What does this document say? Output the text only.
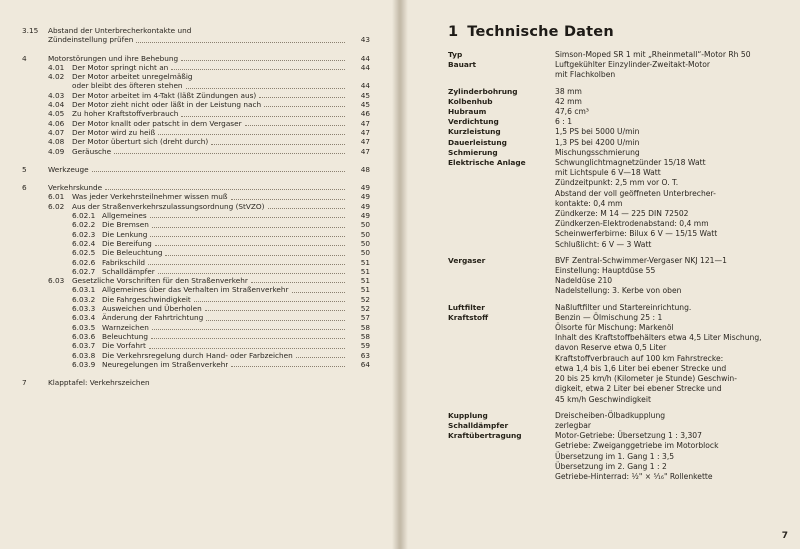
3.15	Abstand der Unterbrecherkontakte und
Zündeinstellung prüfen	43
4	Motorstörungen und ihre Behebung	44
4.01	Der Motor springt nicht an	44
4.02	Der Motor arbeitet unregelmäßig
oder bleibt des öfteren stehen	44
4.03	Der Motor arbeitet im 4-Takt (läßt Zündungen aus)	45
4.04	Der Motor zieht nicht oder läßt in der Leistung nach	45
4.05	Zu hoher Kraftstoffverbrauch	46
4.06	Der Motor knallt oder patscht in dem Vergaser	47
4.07	Der Motor wird zu heiß	47
4.08	Der Motor überturt sich (dreht durch)	47
4.09	Geräusche	47
5	Werkzeuge	48
6	Verkehrskunde	49
6.01	Was jeder Verkehrsteilnehmer wissen muß	49
6.02	Aus der Straßenverkehrszulassungsordnung (StVZO)	49
6.02.1 Allgemeines	49
6.02.2 Die Bremsen	50
6.02.3 Die Lenkung	50
6.02.4 Die Bereifung	50
6.02.5 Die Beleuchtung	50
6.02.6 Fabrikschild	51
6.02.7 Schalldämpfer	51
6.03	Gesetzliche Vorschriften für den Straßenverkehr	51
6.03.1 Allgemeines über das Verhalten im Straßenverkehr	51
6.03.2 Die Fahrgeschwindigkeit	52
6.03.3 Ausweichen und Überholen	52
6.03.4 Änderung der Fahrtrichtung	57
6.03.5 Warnzeichen	58
6.03.6 Beleuchtung	58
6.03.7 Die Vorfahrt	59
6.03.8 Die Verkehrsregelung durch Hand- oder Farbzeichen	63
6.03.9 Neuregelungen im Straßenverkehr	64
7	Klapptafel: Verkehrszeichen
1 Technische Daten
Typ	Simson-Moped SR 1 mit „Rheinmetall“-Motor Rh 50
Bauart	Luftgekühlter Einzylinder-Zweitakt-Motor
mit Flachkolben
Zylinderbohrung	38 mm
Kolbenhub	42 mm
Hubraum	47,6 cm³
Verdichtung	6 : 1
Kurzleistung	1,5 PS bei 5000 U/min
Dauerleistung	1,3 PS bei 4200 U/min
Schmierung	Mischungsschmierung
Elektrische Anlage	Schwunglichtmagnetzünder 15/18 Watt
mit Lichtspule 6 V—18 Watt
Zündzeitpunkt: 2,5 mm vor O. T.
Abstand der voll geöffneten Unterbrecher-
kontakte: 0,4 mm
Zündkerze: M 14 — 225 DIN 72502
Zündkerzen-Elektrodenabstand: 0,4 mm
Scheinwerferbirne: Bilux 6 V — 15/15 Watt
Schlußlicht: 6 V — 3 Watt
Vergaser	BVF Zentral-Schwimmer-Vergaser NKJ 121—1
Einstellung: Hauptdüse 55
Nadeldüse 210
Nadelstellung: 3. Kerbe von oben
Luftfilter	Naßluftfilter und Startereinrichtung.
Kraftstoff	Benzin — Ölmischung 25 : 1
Ölsorte für Mischung: Markenöl
Inhalt des Kraftstoffbehälters etwa 4,5 Liter Mischung,
davon Reserve etwa 0,5 Liter
Kraftstoffverbrauch auf 100 km Fahrstrecke:
etwa 1,4 bis 1,6 Liter bei ebener Strecke und
20 bis 25 km/h (Kilometer je Stunde) Geschwin-
digkeit, etwa 2 Liter bei ebener Strecke und
45 km/h Geschwindigkeit
Kupplung	Dreischeiben-Ölbadkupplung
Schalldämpfer	zerlegbar
Kraftübertragung	Motor-Getriebe: Übersetzung 1 : 3,307
Getriebe: Zweiganggetriebe im Motorblock
Übersetzung im 1. Gang 1 : 3,5
Übersetzung im 2. Gang 1 : 2
Getriebe-Hinterrad: ½" × ⁵⁄₁₆" Rollenkette
7
